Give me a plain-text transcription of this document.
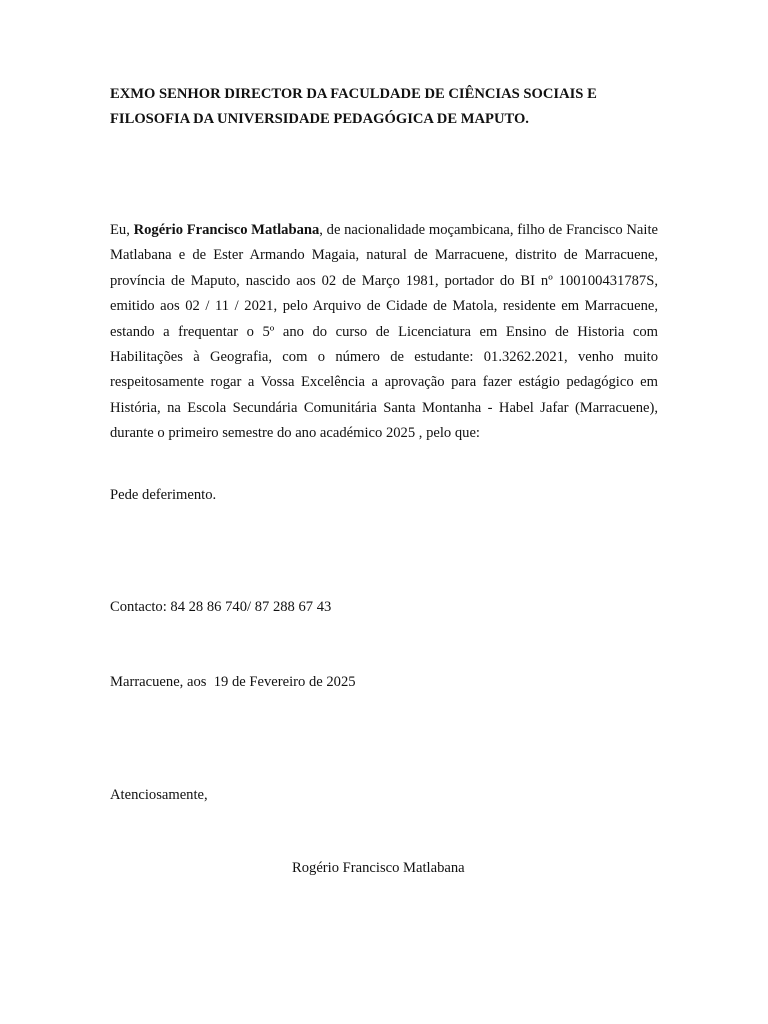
EXMO SENHOR DIRECTOR DA FACULDADE DE CIÊNCIAS SOCIAIS E
FILOSOFIA DA UNIVERSIDADE PEDAGÓGICA DE MAPUTO.

Eu, Rogério Francisco Matlabana, de nacionalidade moçambicana, filho de Francisco Naite Matlabana e de Ester Armando Magaia, natural de Marracuene, distrito de Marracuene, província de Maputo, nascido aos 02 de Março 1981, portador do BI nº 100100431787S, emitido aos 02 / 11 / 2021, pelo Arquivo de Cidade de Matola, residente em Marracuene, estando a frequentar o 5º ano do curso de Licenciatura em Ensino de Historia com Habilitações à Geografia, com o número de estudante: 01.3262.2021, venho muito respeitosamente rogar a Vossa Excelência a aprovação para fazer estágio pedagógico em História, na Escola Secundária Comunitária Santa Montanha - Habel Jafar (Marracuene), durante o primeiro semestre do ano académico 2025 , pelo que:

Pede deferimento.

Contacto: 84 28 86 740/ 87 288 67 43

Marracuene, aos  19 de Fevereiro de 2025

Atenciosamente,

Rogério Francisco Matlabana
